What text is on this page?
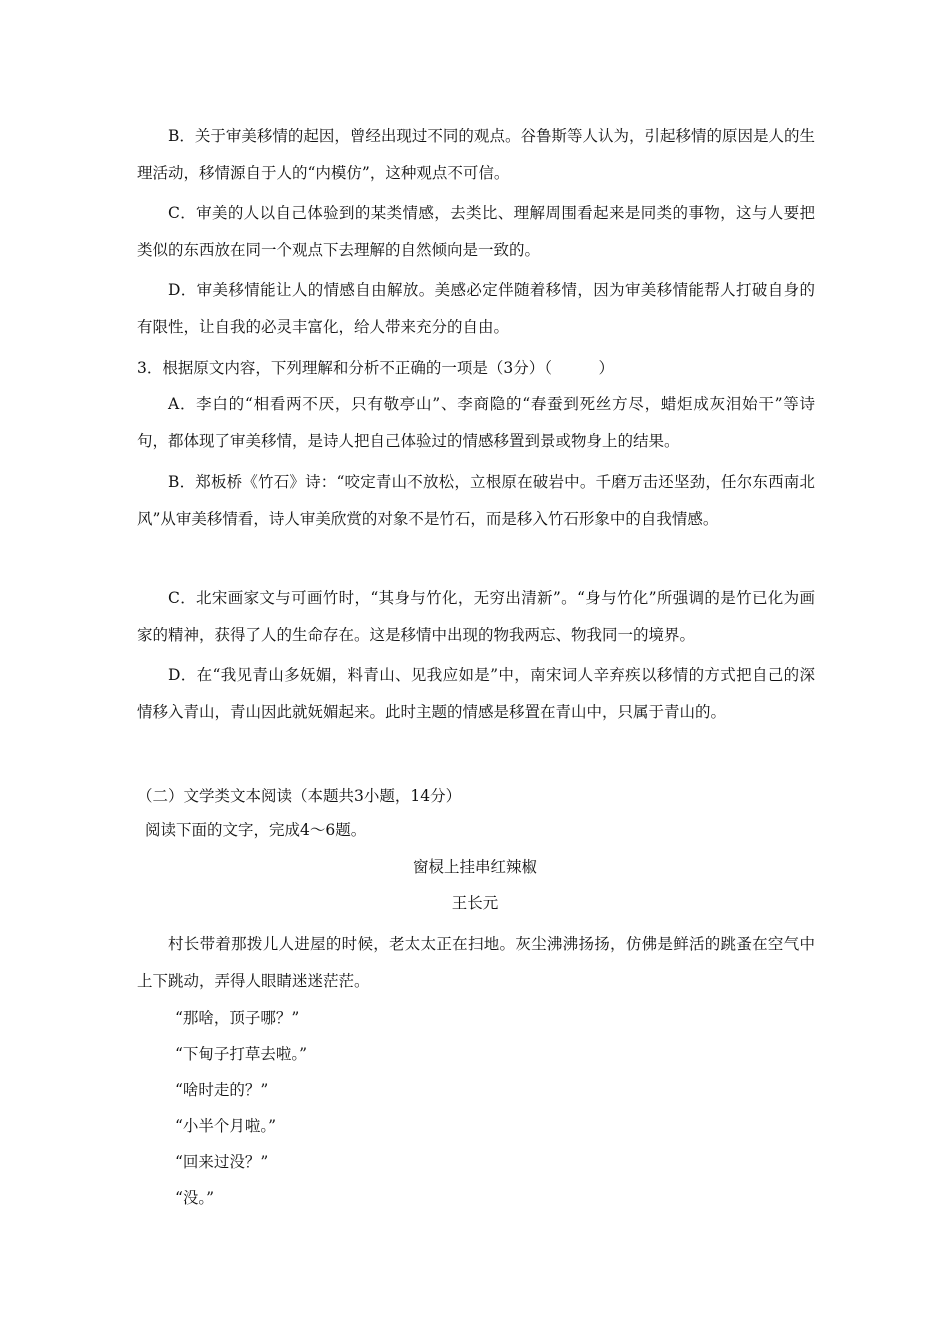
B．关于审美移情的起因，曾经出现过不同的观点。谷鲁斯等人认为，引起移情的原因是人的生理活动，移情源自于人的“内模仿”，这种观点不可信。

C．审美的人以自己体验到的某类情感，去类比、理解周围看起来是同类的事物，这与人要把类似的东西放在同一个观点下去理解的自然倾向是一致的。

D．审美移情能让人的情感自由解放。美感必定伴随着移情，因为审美移情能帮人打破自身的有限性，让自我的必灵丰富化，给人带来充分的自由。

3．根据原文内容，下列理解和分析不正确的一项是（3分）（　　　）

A．李白的“相看两不厌，只有敬亭山”、李商隐的“春蚕到死丝方尽，蜡炬成灰泪始干”等诗句，都体现了审美移情，是诗人把自己体验过的情感移置到景或物身上的结果。

B．郑板桥《竹石》诗：“咬定青山不放松，立根原在破岩中。千磨万击还坚劲，任尔东西南北风”从审美移情看，诗人审美欣赏的对象不是竹石，而是移入竹石形象中的自我情感。

C．北宋画家文与可画竹时，“其身与竹化，无穷出清新”。“身与竹化”所强调的是竹已化为画家的精神，获得了人的生命存在。这是移情中出现的物我两忘、物我同一的境界。

D．在“我见青山多妩媚，料青山、见我应如是”中，南宋词人辛弃疾以移情的方式把自己的深情移入青山，青山因此就妩媚起来。此时主题的情感是移置在青山中，只属于青山的。

（二）文学类文本阅读（本题共3小题，14分）

阅读下面的文字，完成4～6题。

窗棂上挂串红辣椒

王长元

村长带着那拨儿人进屋的时候，老太太正在扫地。灰尘沸沸扬扬，仿佛是鲜活的跳蚤在空气中上下跳动，弄得人眼睛迷迷茫茫。

“那啥，顶子哪？”

“下甸子打草去啦。”

“啥时走的？”

“小半个月啦。”

“回来过没？”

“没。”
